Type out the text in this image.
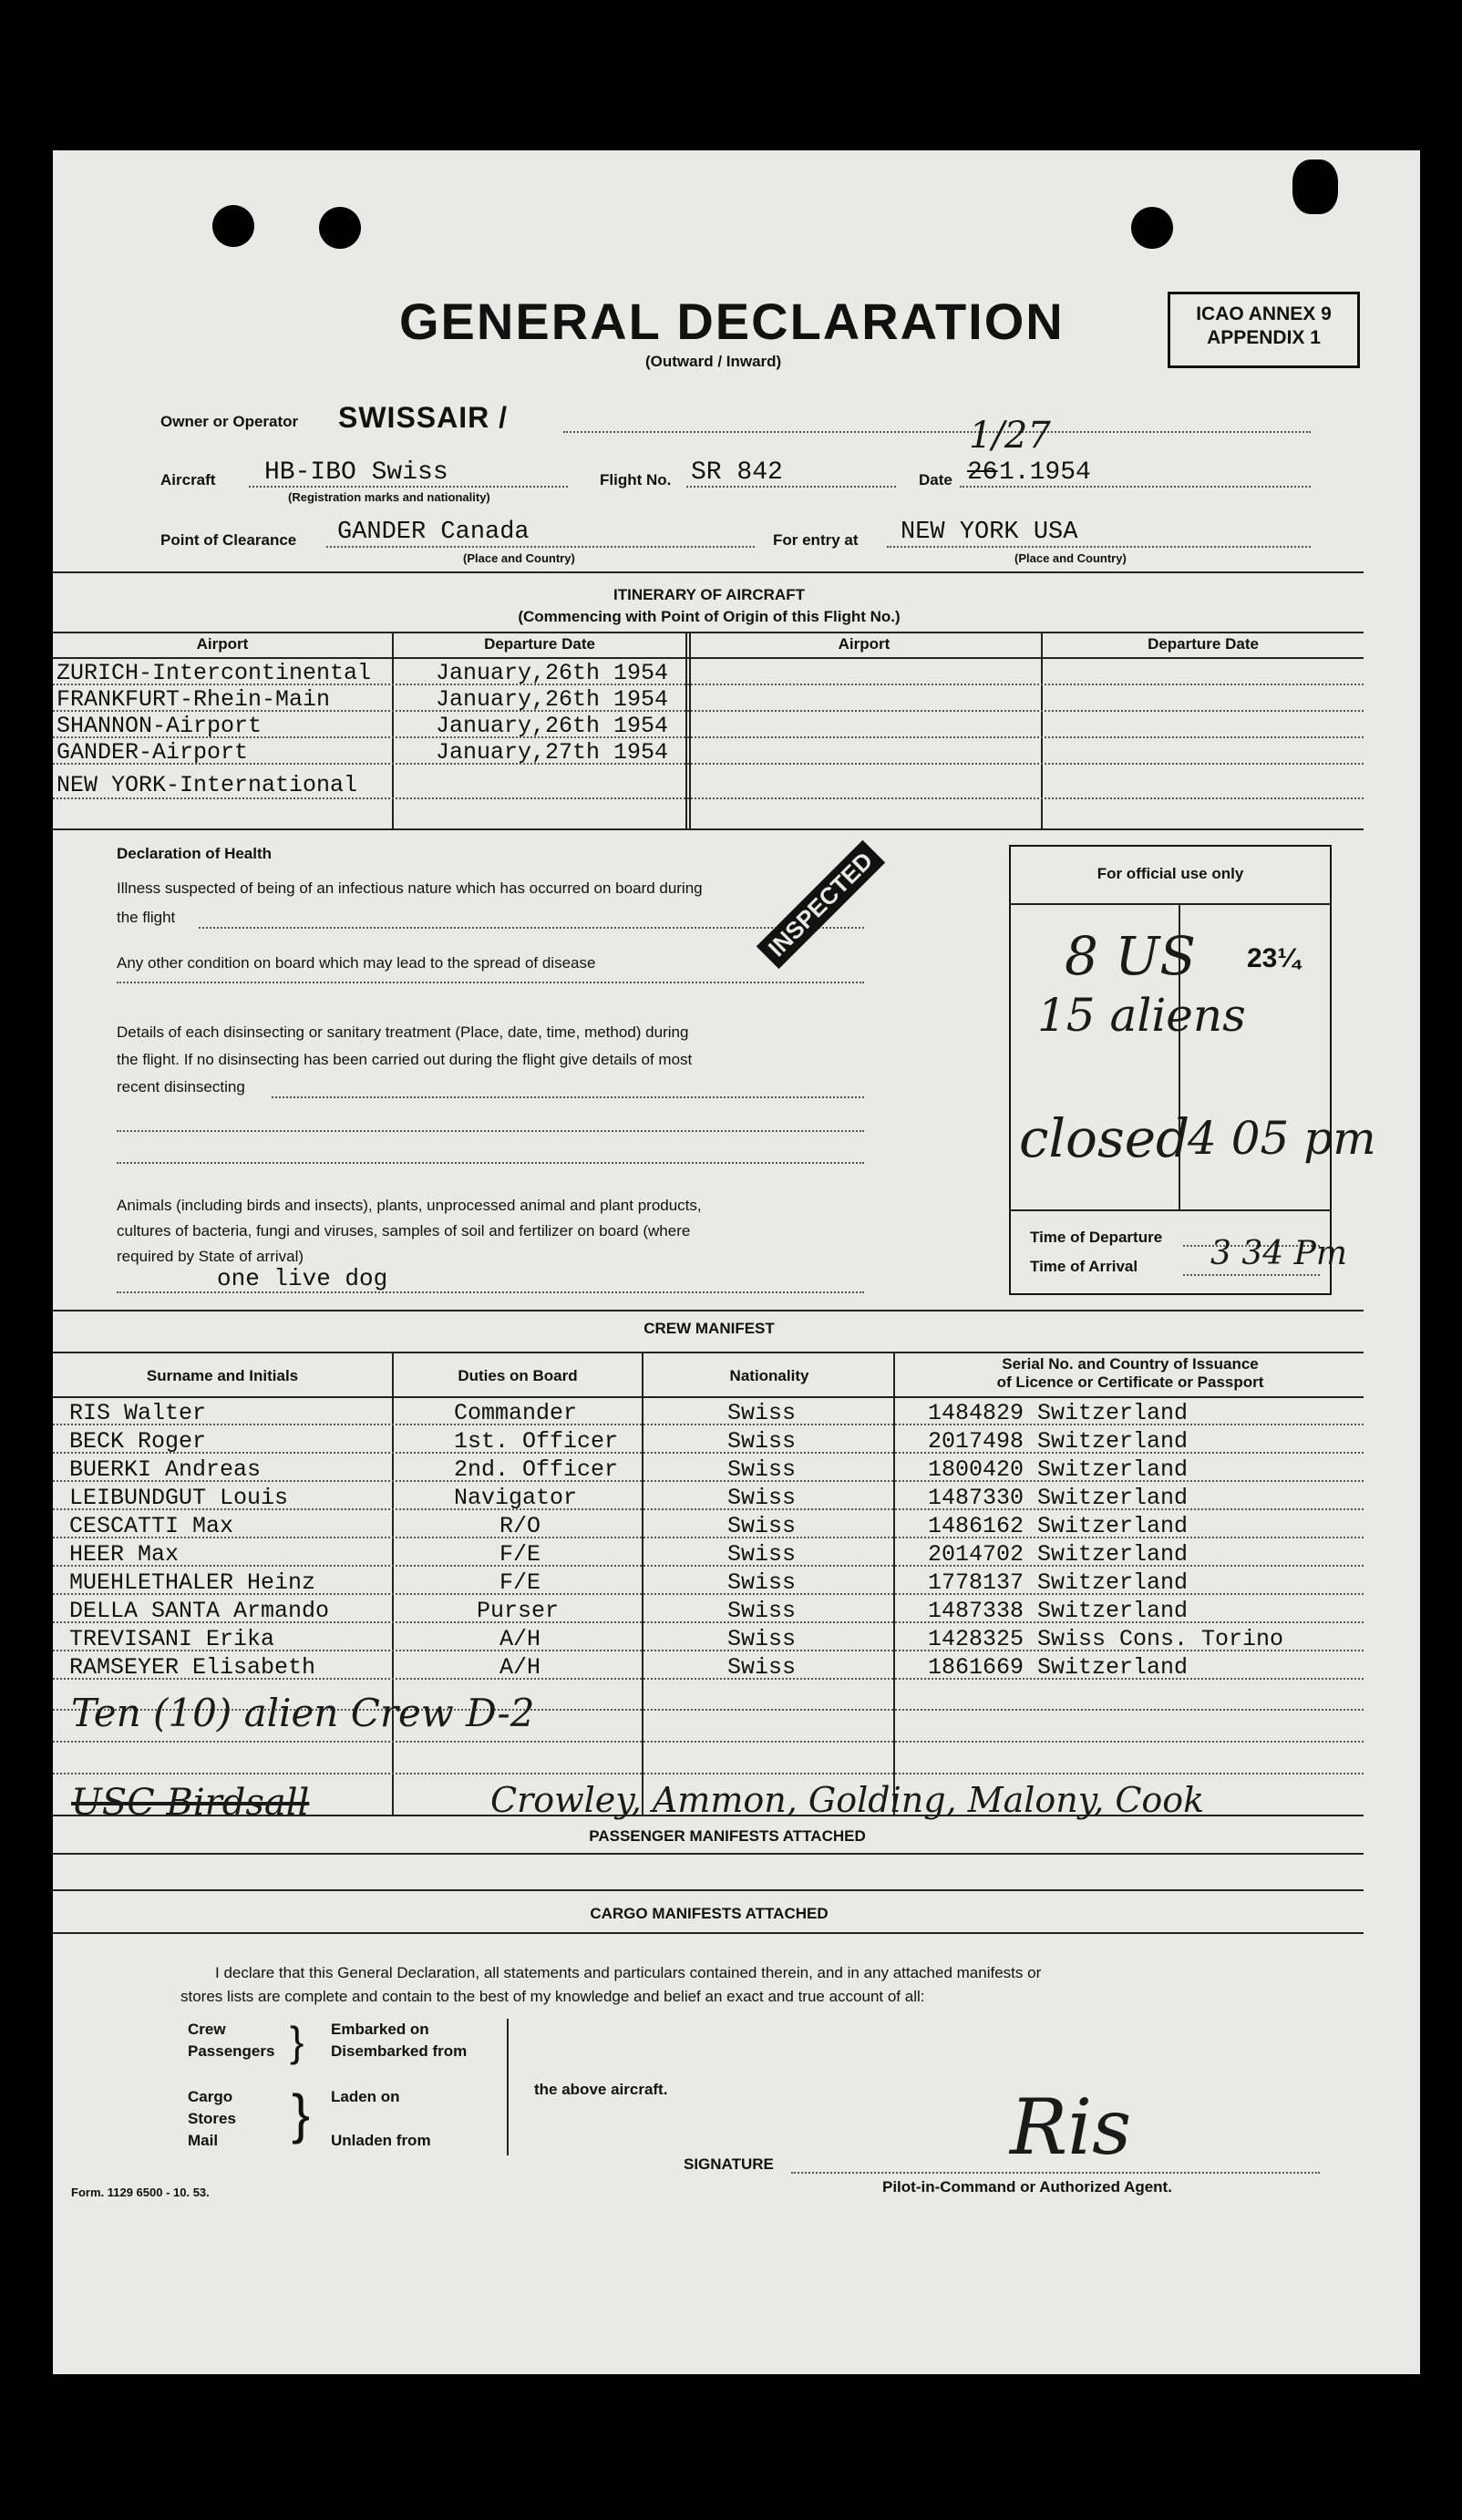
GENERAL DECLARATION
(Outward / Inward)
ICAO ANNEX 9
APPENDIX 1
Owner or Operator SWISSAIR /
Aircraft HB-IBO Swiss
(Registration marks and nationality)
Flight No. SR 842	Date 26 1.1954
1/27
Point of Clearance GANDER Canada
(Place and Country)
For entry at NEW YORK USA
(Place and Country)
ITINERARY OF AIRCRAFT
(Commencing with Point of Origin of this Flight No.)
Airport	Departure Date	Airport	Departure Date
ZURICH-Intercontinental	January,26th 1954
FRANKFURT-Rhein-Main	January,26th 1954
SHANNON-Airport	January,26th 1954
GANDER-Airport	January,27th 1954
NEW YORK-International
Declaration of Health
Illness suspected of being of an infectious nature which has occurred on board during
the flight	INSPECTED
Any other condition on board which may lead to the spread of disease
Details of each disinsecting or sanitary treatment (Place, date, time, method) during
the flight. If no disinsecting has been carried out during the flight give details of most
recent disinsecting
Animals (including birds and insects), plants, unprocessed animal and plant products,
cultures of bacteria, fungi and viruses, samples of soil and fertilizer on board (where
required by State of arrival)
one live dog
For official use only
8 US 23¼
15 aliens
closed
4 05 pm
Time of Departure
Time of Arrival 3 34 Pm
CREW MANIFEST
Surname and Initials	Duties on Board	Nationality
Serial No. and Country of Issuance
of Licence or Certificate or Passport
RIS Walter	Commander	Swiss	1484829 Switzerland
BECK Roger	1st. Officer	Swiss	2017498 Switzerland
BUERKI Andreas	2nd. Officer	Swiss	1800420 Switzerland
LEIBUNDGUT Louis	Navigator	Swiss	1487330 Switzerland
CESCATTI Max	R/O	Swiss	1486162 Switzerland
HEER Max	F/E	Swiss	2014702 Switzerland
MUEHLETHALER Heinz	F/E	Swiss	1778137 Switzerland
DELLA SANTA Armando	Purser	Swiss	1487338 Switzerland
TREVISANI Erika	A/H	Swiss	1428325 Swiss Cons. Torino
RAMSEYER Elisabeth	A/H	Swiss	1861669 Switzerland
Ten (10) alien Crew D-2
USC Birdsall	Crowley, Ammon, Golding, Malony, Cook
PASSENGER MANIFESTS ATTACHED
CARGO MANIFESTS ATTACHED
I declare that this General Declaration, all statements and particulars contained therein, and in any attached manifests or
stores lists are complete and contain to the best of my knowledge and belief an exact and true account of all:
Crew
Passengers } Embarked on
Disembarked from
Cargo
Stores
Mail } Laden on
Unladen from
the above aircraft.	Ris
SIGNATURE
Pilot-in-Command or Authorized Agent.
Form. 1129 6500 - 10. 53.
